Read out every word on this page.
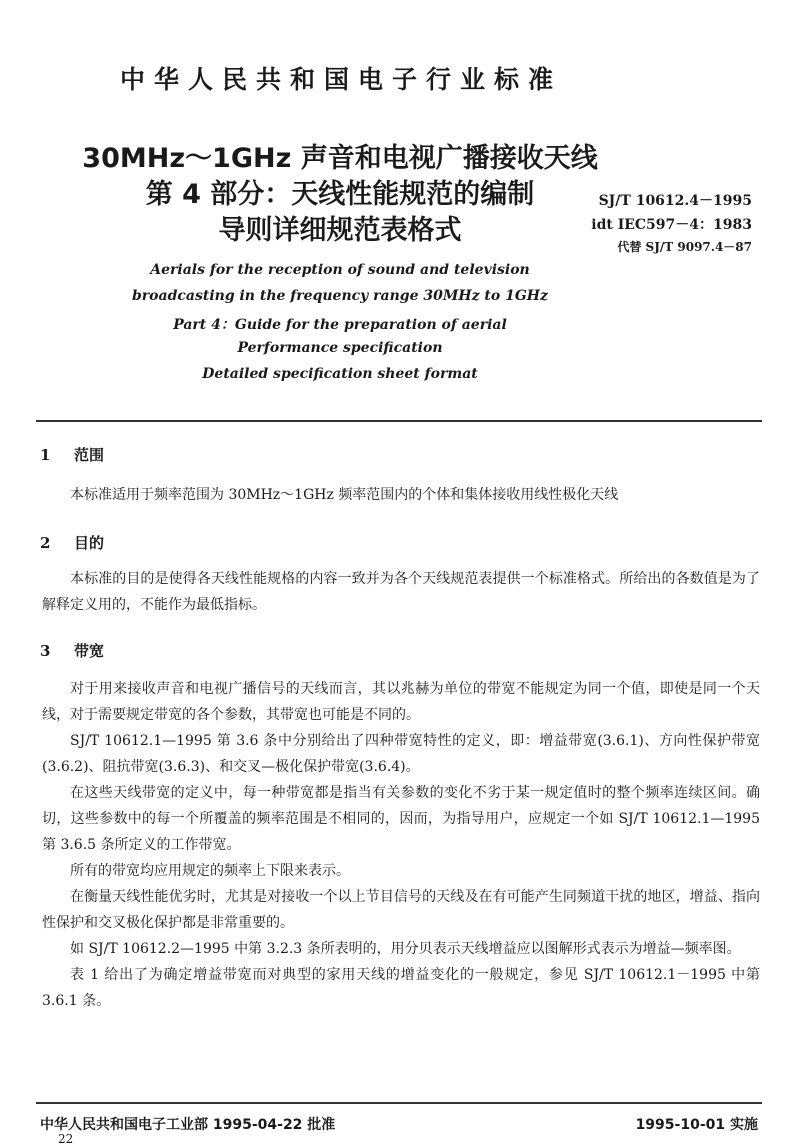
中华人民共和国电子行业标准
30MHz～1GHz 声音和电视广播接收天线
第 4 部分：天线性能规范的编制
导则详细规范表格式
SJ/T 10612.4－1995
idt IEC597－4：1983
代替 SJ/T 9097.4－87
Aerials for the reception of sound and television
broadcasting in the frequency range 30MHz to 1GHz
Part 4：Guide for the preparation of aerial
Performance specification
Detailed specification sheet format
1 范围

本标准适用于频率范围为 30MHz～1GHz 频率范围内的个体和集体接收用线性极化天线

2 目的

本标准的目的是使得各天线性能规格的内容一致并为各个天线规范表提供一个标准格式。所给出的各数值是为了解释定义用的，不能作为最低指标。

3 带宽

对于用来接收声音和电视广播信号的天线而言，其以兆赫为单位的带宽不能规定为同一个值，即使是同一个天线，对于需要规定带宽的各个参数，其带宽也可能是不同的。

SJ/T 10612.1—1995 第 3.6 条中分别给出了四种带宽特性的定义，即：增益带宽(3.6.1)、方向性保护带宽(3.6.2)、阻抗带宽(3.6.3)、和交叉—极化保护带宽(3.6.4)。

在这些天线带宽的定义中，每一种带宽都是指当有关参数的变化不劣于某一规定值时的整个频率连续区间。确切，这些参数中的每一个所覆盖的频率范围是不相同的，因而，为指导用户，应规定一个如 SJ/T 10612.1—1995 第 3.6.5 条所定义的工作带宽。

所有的带宽均应用规定的频率上下限来表示。

在衡量天线性能优劣时，尤其是对接收一个以上节目信号的天线及在有可能产生同频道干扰的地区，增益、指向性保护和交叉极化保护都是非常重要的。

如 SJ/T 10612.2—1995 中第 3.2.3 条所表明的，用分贝表示天线增益应以图解形式表示为增益—频率图。

表 1 给出了为确定增益带宽而对典型的家用天线的增益变化的一般规定，参见 SJ/T 10612.1－1995 中第 3.6.1 条。

中华人民共和国电子工业部 1995-04-22 批准	1995-10-01 实施
22
